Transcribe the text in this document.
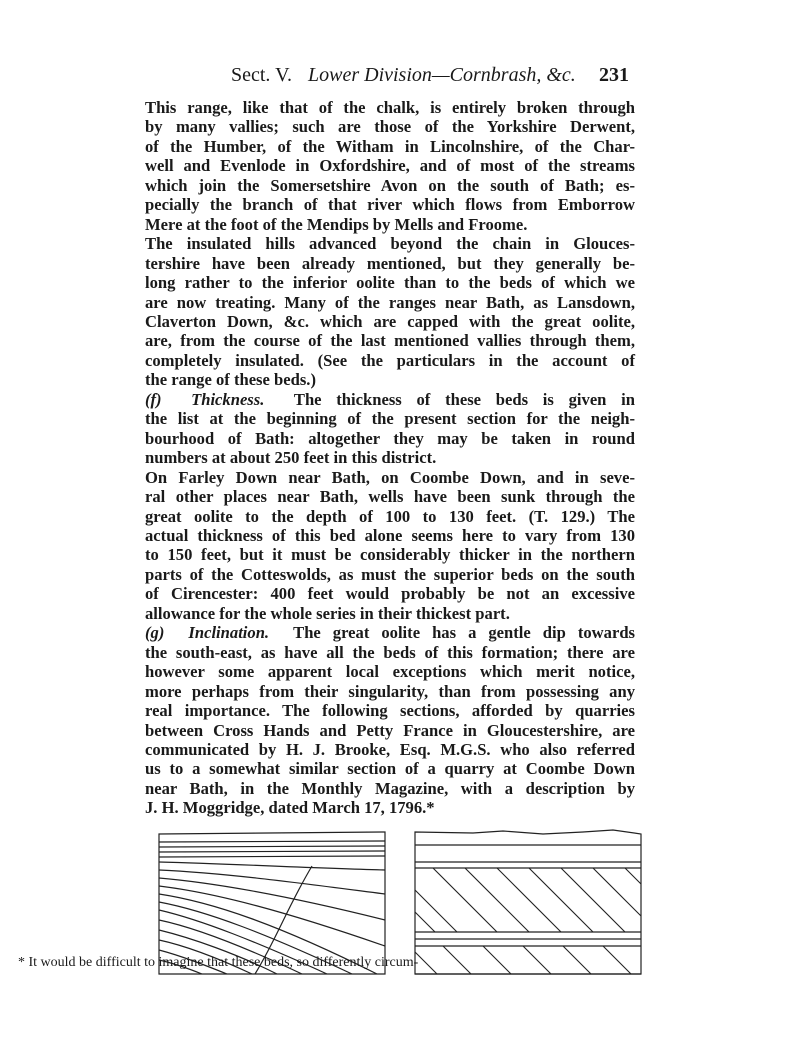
Sect. V. Lower Division—Cornbrash, &c. 231

This range, like that of the chalk, is entirely broken through
by many vallies; such are those of the Yorkshire Derwent,
of the Humber, of the Witham in Lincolnshire, of the Char-
well and Evenlode in Oxfordshire, and of most of the streams
which join the Somersetshire Avon on the south of Bath; es-
pecially the branch of that river which flows from Emborrow
Mere at the foot of the Mendips by Mells and Froome.

The insulated hills advanced beyond the chain in Glouces-
tershire have been already mentioned, but they generally be-
long rather to the inferior oolite than to the beds of which we
are now treating. Many of the ranges near Bath, as Lansdown,
Claverton Down, &c. which are capped with the great oolite,
are, from the course of the last mentioned vallies through them,
completely insulated. (See the particulars in the account of
the range of these beds.)

(f) Thickness. The thickness of these beds is given in
the list at the beginning of the present section for the neigh-
bourhood of Bath: altogether they may be taken in round
numbers at about 250 feet in this district.

On Farley Down near Bath, on Coombe Down, and in seve-
ral other places near Bath, wells have been sunk through the
great oolite to the depth of 100 to 130 feet. (T. 129.) The
actual thickness of this bed alone seems here to vary from 130
to 150 feet, but it must be considerably thicker in the northern
parts of the Cotteswolds, as must the superior beds on the south
of Cirencester: 400 feet would probably be not an excessive
allowance for the whole series in their thickest part.

(g) Inclination. The great oolite has a gentle dip towards
the south-east, as have all the beds of this formation; there are
however some apparent local exceptions which merit notice,
more perhaps from their singularity, than from possessing any
real importance. The following sections, afforded by quarries
between Cross Hands and Petty France in Gloucestershire, are
communicated by H. J. Brooke, Esq. M.G.S. who also referred
us to a somewhat similar section of a quarry at Coombe Down
near Bath, in the Monthly Magazine, with a description by
J. H. Moggridge, dated March 17, 1796.*

* It would be difficult to imagine that these beds, so differently circum-
